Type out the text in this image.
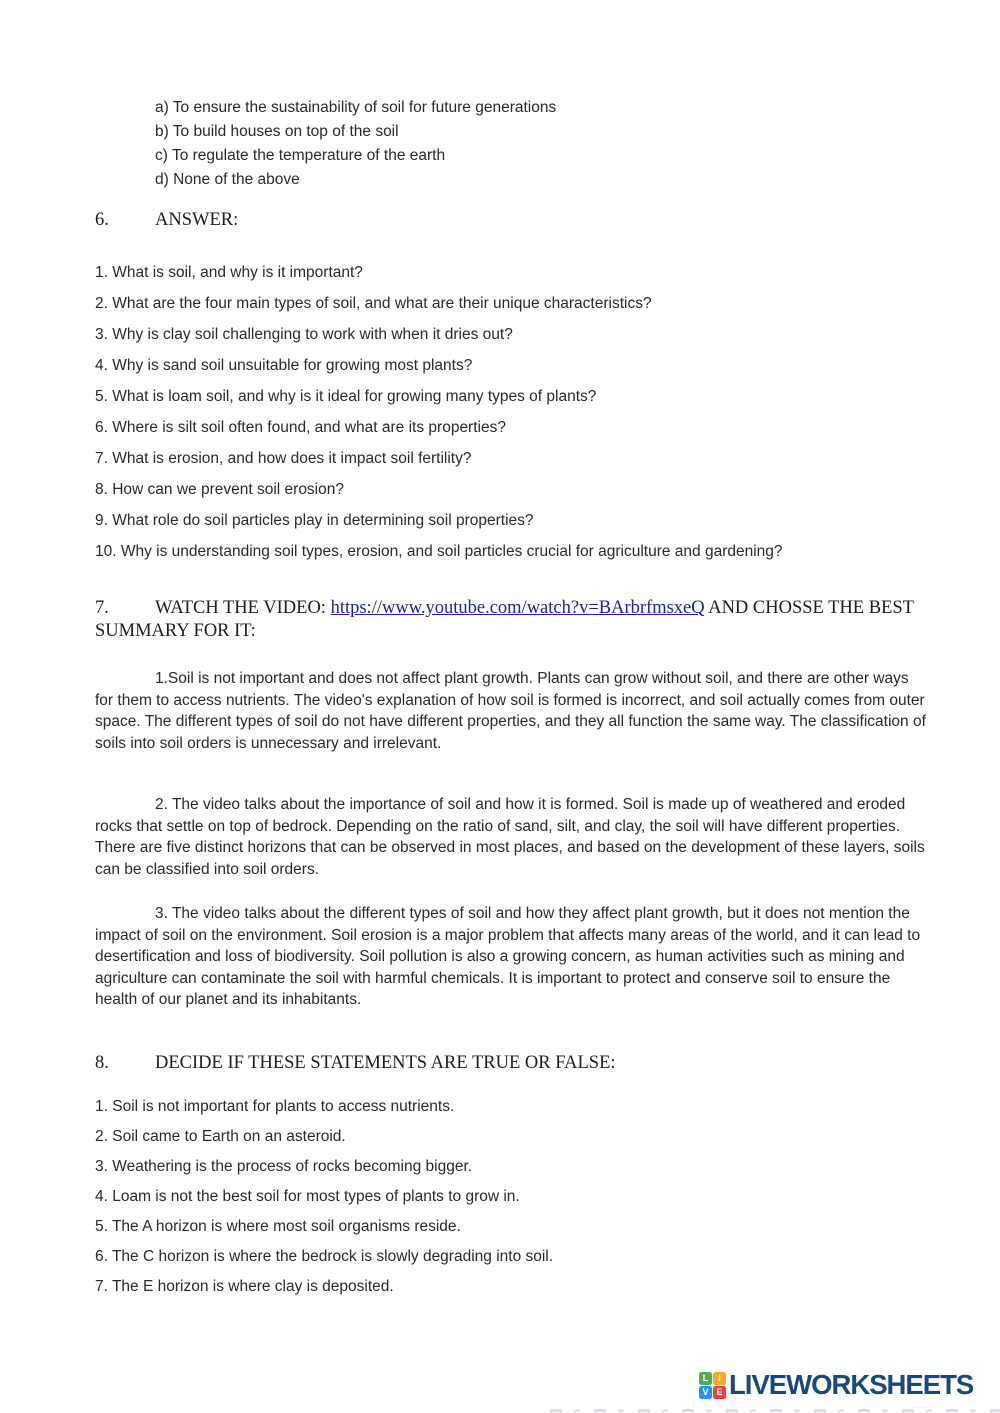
a) To ensure the sustainability of soil for future generations
b) To build houses on top of the soil
c) To regulate the temperature of the earth
d) None of the above
6. ANSWER:
1. What is soil, and why is it important?
2. What are the four main types of soil, and what are their unique characteristics?
3. Why is clay soil challenging to work with when it dries out?
4. Why is sand soil unsuitable for growing most plants?
5. What is loam soil, and why is it ideal for growing many types of plants?
6. Where is silt soil often found, and what are its properties?
7. What is erosion, and how does it impact soil fertility?
8. How can we prevent soil erosion?
9. What role do soil particles play in determining soil properties?
10. Why is understanding soil types, erosion, and soil particles crucial for agriculture and gardening?
7. WATCH THE VIDEO: https://www.youtube.com/watch?v=BArbrfmsxeQ AND CHOSSE THE BEST SUMMARY FOR IT:

1.Soil is not important and does not affect plant growth. Plants can grow without soil, and there are other ways for them to access nutrients. The video's explanation of how soil is formed is incorrect, and soil actually comes from outer space. The different types of soil do not have different properties, and they all function the same way. The classification of soils into soil orders is unnecessary and irrelevant.

2. The video talks about the importance of soil and how it is formed. Soil is made up of weathered and eroded rocks that settle on top of bedrock. Depending on the ratio of sand, silt, and clay, the soil will have different properties. There are five distinct horizons that can be observed in most places, and based on the development of these layers, soils can be classified into soil orders.

3. The video talks about the different types of soil and how they affect plant growth, but it does not mention the impact of soil on the environment. Soil erosion is a major problem that affects many areas of the world, and it can lead to desertification and loss of biodiversity. Soil pollution is also a growing concern, as human activities such as mining and agriculture can contaminate the soil with harmful chemicals. It is important to protect and conserve soil to ensure the health of our planet and its inhabitants.

8. DECIDE IF THESE STATEMENTS ARE TRUE OR FALSE:
1. Soil is not important for plants to access nutrients.
2. Soil came to Earth on an asteroid.
3. Weathering is the process of rocks becoming bigger.
4. Loam is not the best soil for most types of plants to grow in.
5. The A horizon is where most soil organisms reside.
6. The C horizon is where the bedrock is slowly degrading into soil.
7. The E horizon is where clay is deposited.
L	I
V E LIVEWORKSHEETS
